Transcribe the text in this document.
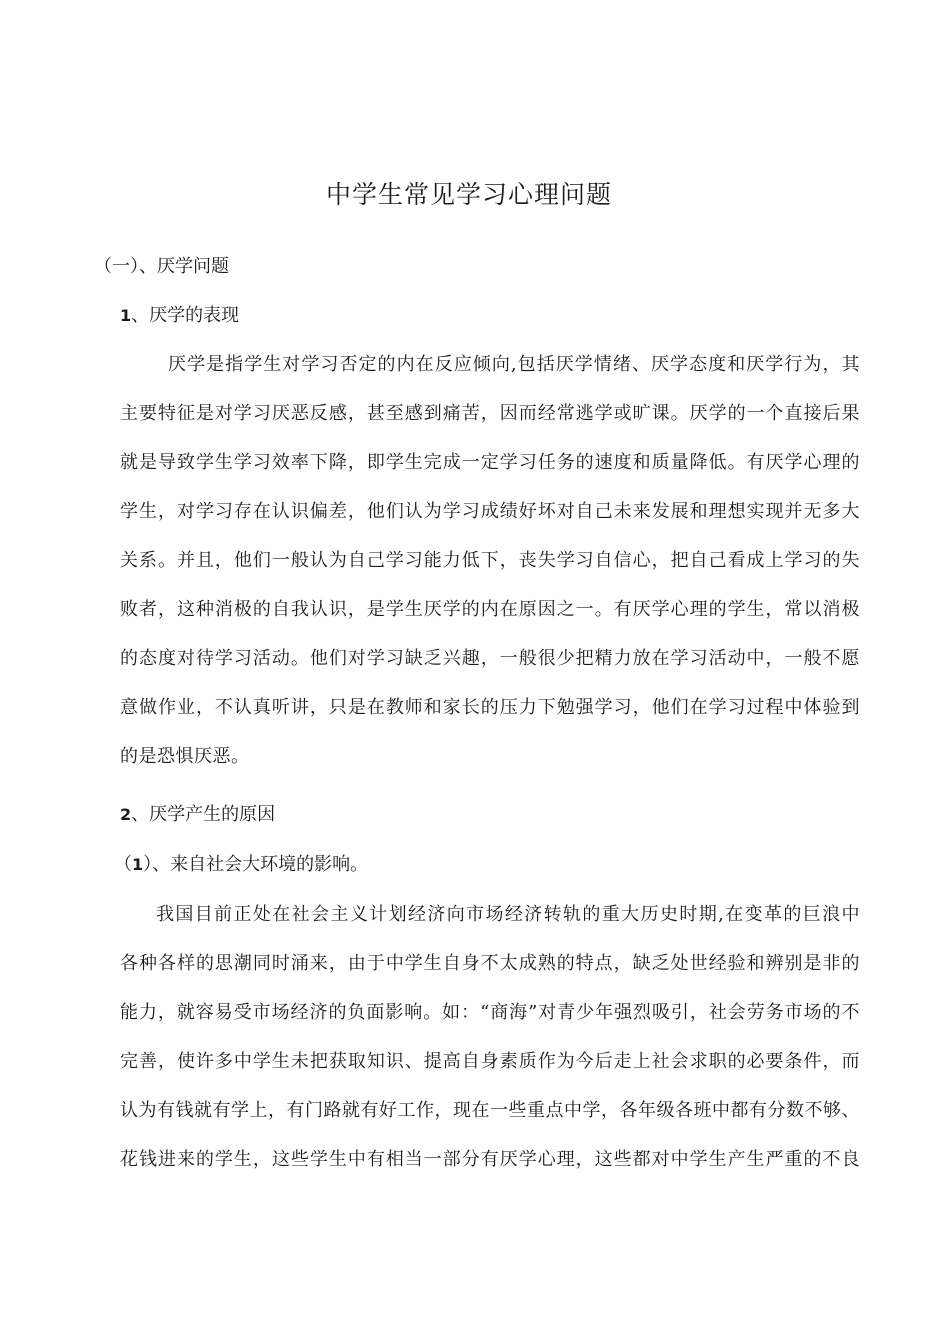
中学生常见学习心理问题
（一）、厌学问题
1、厌学的表现
厌学是指学生对学习否定的内在反应倾向,包括厌学情绪、厌学态度和厌学行为，其
主要特征是对学习厌恶反感，甚至感到痛苦，因而经常逃学或旷课。厌学的一个直接后果
就是导致学生学习效率下降，即学生完成一定学习任务的速度和质量降低。有厌学心理的
学生，对学习存在认识偏差，他们认为学习成绩好坏对自己未来发展和理想实现并无多大
关系。并且，他们一般认为自己学习能力低下，丧失学习自信心，把自己看成上学习的失
败者，这种消极的自我认识，是学生厌学的内在原因之一。有厌学心理的学生，常以消极
的态度对待学习活动。他们对学习缺乏兴趣，一般很少把精力放在学习活动中，一般不愿
意做作业，不认真听讲，只是在教师和家长的压力下勉强学习，他们在学习过程中体验到
的是恐惧厌恶。
2、厌学产生的原因
（1）、来自社会大环境的影响。
我国目前正处在社会主义计划经济向市场经济转轨的重大历史时期,在变革的巨浪中
各种各样的思潮同时涌来，由于中学生自身不太成熟的特点，缺乏处世经验和辨别是非的
能力，就容易受市场经济的负面影响。如：“商海”对青少年强烈吸引，社会劳务市场的不
完善，使许多中学生未把获取知识、提高自身素质作为今后走上社会求职的必要条件，而
认为有钱就有学上，有门路就有好工作，现在一些重点中学，各年级各班中都有分数不够、
花钱进来的学生，这些学生中有相当一部分有厌学心理，这些都对中学生产生严重的不良
